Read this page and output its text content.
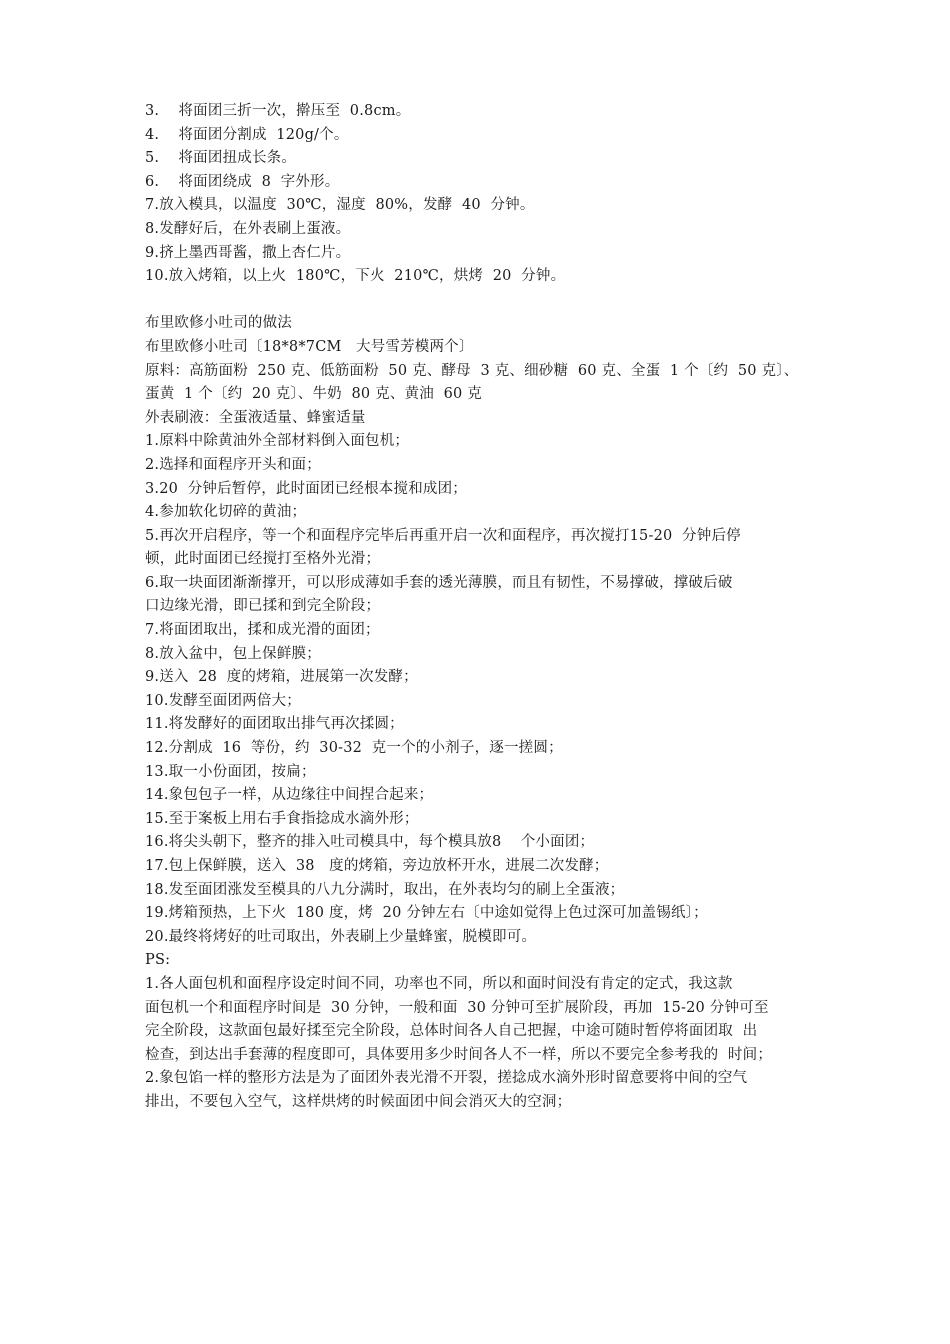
3.    将面团三折一次，擀压至  0.8cm。
4.    将面团分割成  120g/个。
5.    将面团扭成长条。
6.    将面团绕成  8  字外形。
7.放入模具，以温度  30℃，湿度  80%，发酵  40  分钟。
8.发酵好后，在外表刷上蛋液。
9.挤上墨西哥酱，撒上杏仁片。
10.放入烤箱，以上火  180℃，下火  210℃，烘烤  20  分钟。
布里欧修小吐司的做法
布里欧修小吐司〔18*8*7CM   大号雪芳模两个〕
原料：高筋面粉  250 克、低筋面粉  50 克、酵母  3 克、细砂糖  60 克、全蛋  1 个〔约  50 克〕、
蛋黄  1 个〔约  20 克〕、牛奶  80 克、黄油  60 克
外表刷液：全蛋液适量、蜂蜜适量
1.原料中除黄油外全部材料倒入面包机；
2.选择和面程序开头和面；
3.20  分钟后暂停，此时面团已经根本搅和成团；
4.参加软化切碎的黄油；
5.再次开启程序，等一个和面程序完毕后再重开启一次和面程序，再次搅打15-20  分钟后停
顿，此时面团已经搅打至格外光滑；
6.取一块面团渐渐撑开，可以形成薄如手套的透光薄膜，而且有韧性，不易撑破，撑破后破
口边缘光滑，即已揉和到完全阶段；
7.将面团取出，揉和成光滑的面团；
8.放入盆中，包上保鲜膜；
9.送入  28  度的烤箱，进展第一次发酵；
10.发酵至面团两倍大；
11.将发酵好的面团取出排气再次揉圆；
12.分割成  16  等份，约  30-32  克一个的小剂子，逐一搓圆；
13.取一小份面团，按扁；
14.象包包子一样，从边缘往中间捏合起来；
15.至于案板上用右手食指捻成水滴外形；
16.将尖头朝下，整齐的排入吐司模具中，每个模具放8    个小面团；
17.包上保鲜膜，送入  38   度的烤箱，旁边放杯开水，进展二次发酵；
18.发至面团涨发至模具的八九分满时，取出，在外表均匀的刷上全蛋液；
19.烤箱预热，上下火  180 度，烤  20 分钟左右〔中途如觉得上色过深可加盖锡纸〕；
20.最终将烤好的吐司取出，外表刷上少量蜂蜜，脱模即可。
PS:
1.各人面包机和面程序设定时间不同，功率也不同，所以和面时间没有肯定的定式，我这款
面包机一个和面程序时间是  30 分钟，一般和面  30 分钟可至扩展阶段，再加  15-20 分钟可至
完全阶段，这款面包最好揉至完全阶段，总体时间各人自己把握，中途可随时暂停将面团取  出
检查，到达出手套薄的程度即可，具体要用多少时间各人不一样，所以不要完全参考我的  时间；
2.象包馅一样的整形方法是为了面团外表光滑不开裂，搓捻成水滴外形时留意要将中间的空气
排出，不要包入空气，这样烘烤的时候面团中间会消灭大的空洞；
